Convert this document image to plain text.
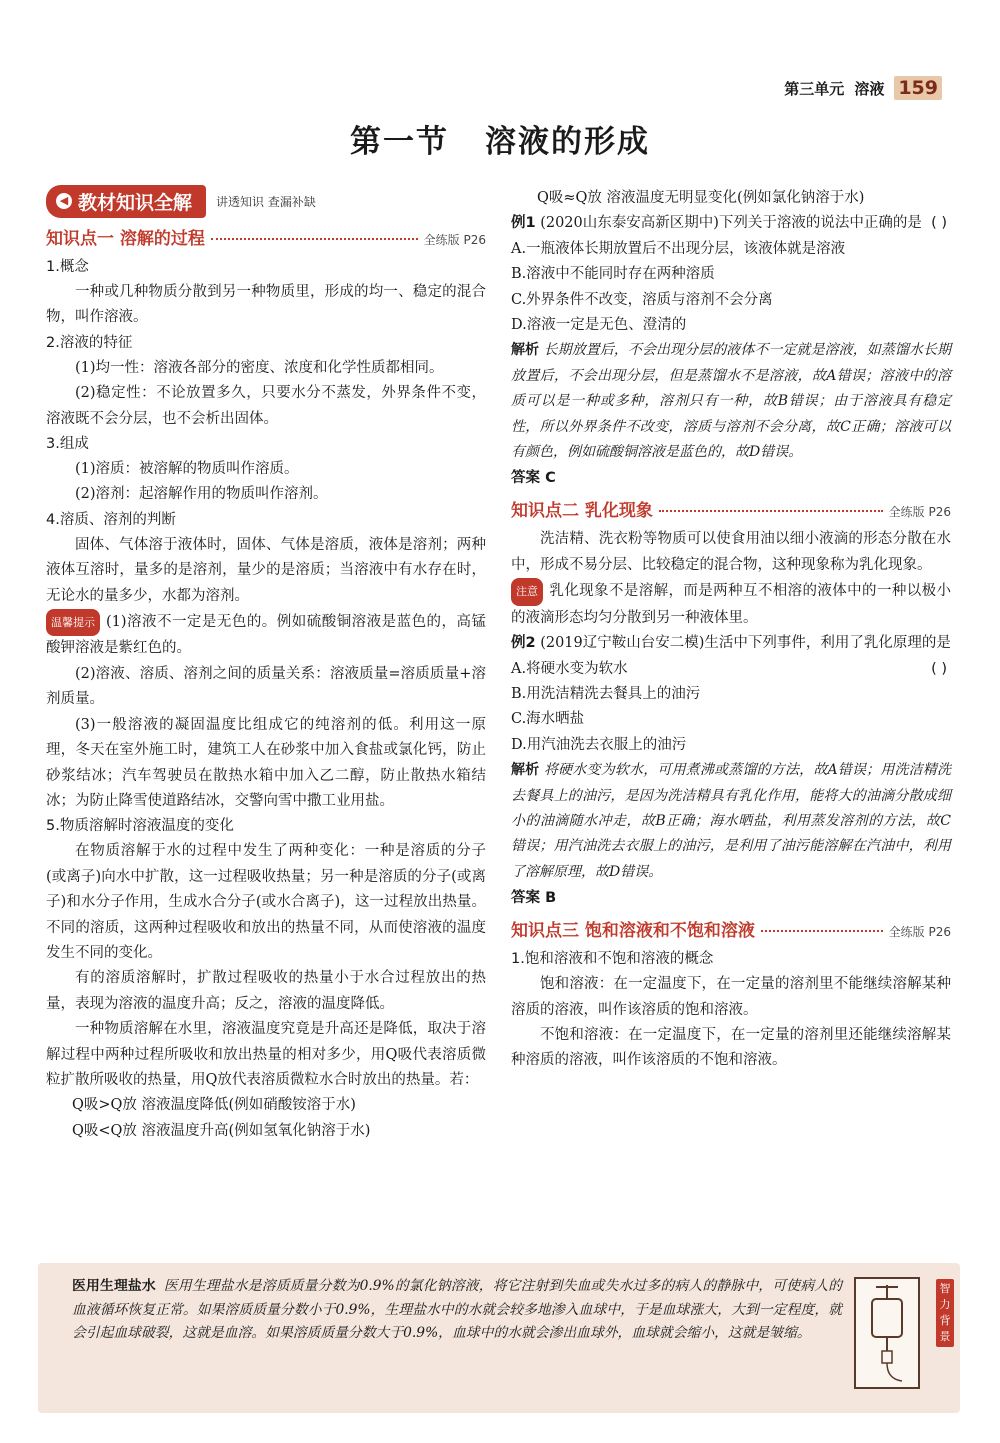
第三单元 溶液 159
第一节 溶液的形成
◀ 教材知识全解 讲透知识 查漏补缺
知识点一 溶解的过程	全练版 P26
1.概念
一种或几种物质分散到另一种物质里，形成的均一、稳定的混合物，叫作溶液。
2.溶液的特征
(1)均一性：溶液各部分的密度、浓度和化学性质都相同。
(2)稳定性：不论放置多久，只要水分不蒸发，外界条件不变，溶液既不会分层，也不会析出固体。
3.组成
(1)溶质：被溶解的物质叫作溶质。
(2)溶剂：起溶解作用的物质叫作溶剂。
4.溶质、溶剂的判断
固体、气体溶于液体时，固体、气体是溶质，液体是溶剂；两种液体互溶时，量多的是溶剂，量少的是溶质；当溶液中有水存在时，无论水的量多少，水都为溶剂。
温馨提示 (1)溶液不一定是无色的。例如硫酸铜溶液是蓝色的，高锰酸钾溶液是紫红色的。
(2)溶液、溶质、溶剂之间的质量关系：溶液质量=溶质质量+溶剂质量。
(3)一般溶液的凝固温度比组成它的纯溶剂的低。利用这一原理，冬天在室外施工时，建筑工人在砂浆中加入食盐或氯化钙，防止砂浆结冰；汽车驾驶员在散热水箱中加入乙二醇，防止散热水箱结冰；为防止降雪使道路结冰，交警向雪中撒工业用盐。
5.物质溶解时溶液温度的变化
在物质溶解于水的过程中发生了两种变化：一种是溶质的分子(或离子)向水中扩散，这一过程吸收热量；另一种是溶质的分子(或离子)和水分子作用，生成水合分子(或水合离子)，这一过程放出热量。不同的溶质，这两种过程吸收和放出的热量不同，从而使溶液的温度发生不同的变化。
有的溶质溶解时，扩散过程吸收的热量小于水合过程放出的热量，表现为溶液的温度升高；反之，溶液的温度降低。
一种物质溶解在水里，溶液温度究竟是升高还是降低，取决于溶解过程中两种过程所吸收和放出热量的相对多少，用Q吸代表溶质微粒扩散所吸收的热量，用Q放代表溶质微粒水合时放出的热量。若：
Q吸>Q放 溶液温度降低(例如硝酸铵溶于水)
Q吸<Q放 溶液温度升高(例如氢氧化钠溶于水)
Q吸≈Q放 溶液温度无明显变化(例如氯化钠溶于水)
例1 (2020山东泰安高新区期中)下列关于溶液的说法中正确的是 ( )
A.一瓶液体长期放置后不出现分层，该液体就是溶液
B.溶液中不能同时存在两种溶质
C.外界条件不改变，溶质与溶剂不会分离
D.溶液一定是无色、澄清的
解析 长期放置后，不会出现分层的液体不一定就是溶液，如蒸馏水长期放置后，不会出现分层，但是蒸馏水不是溶液，故A错误；溶液中的溶质可以是一种或多种，溶剂只有一种，故B错误；由于溶液具有稳定性，所以外界条件不改变，溶质与溶剂不会分离，故C正确；溶液可以有颜色，例如硫酸铜溶液是蓝色的，故D错误。
答案 C
知识点二 乳化现象	全练版 P26
洗洁精、洗衣粉等物质可以使食用油以细小液滴的形态分散在水中，形成不易分层、比较稳定的混合物，这种现象称为乳化现象。
注意 乳化现象不是溶解，而是两种互不相溶的液体中的一种以极小的液滴形态均匀分散到另一种液体里。
例2 (2019辽宁鞍山台安二模)生活中下列事件，利用了乳化原理的是
( )
A.将硬水变为软水
B.用洗洁精洗去餐具上的油污
C.海水晒盐
D.用汽油洗去衣服上的油污
解析 将硬水变为软水，可用煮沸或蒸馏的方法，故A错误；用洗洁精洗去餐具上的油污，是因为洗洁精具有乳化作用，能将大的油滴分散成细小的油滴随水冲走，故B正确；海水晒盐，利用蒸发溶剂的方法，故C错误；用汽油洗去衣服上的油污，是利用了油污能溶解在汽油中，利用了溶解原理，故D错误。
答案 B
知识点三 饱和溶液和不饱和溶液	全练版 P26
1.饱和溶液和不饱和溶液的概念
饱和溶液：在一定温度下，在一定量的溶剂里不能继续溶解某种溶质的溶液，叫作该溶质的饱和溶液。
不饱和溶液：在一定温度下，在一定量的溶剂里还能继续溶解某种溶质的溶液，叫作该溶质的不饱和溶液。
医用生理盐水 医用生理盐水是溶质质量分数为0.9%的氯化钠溶液，将它注射到失血或失水过多的病人的静脉中，可使病人的血液循环恢复正常。如果溶质质量分数小于0.9%，生理盐水中的水就会较多地渗入血球中，于是血球涨大，大到一定程度，就会引起血球破裂，这就是血溶。如果溶质质量分数大于0.9%，血球中的水就会渗出血球外，血球就会缩小，这就是皱缩。
智力背景
